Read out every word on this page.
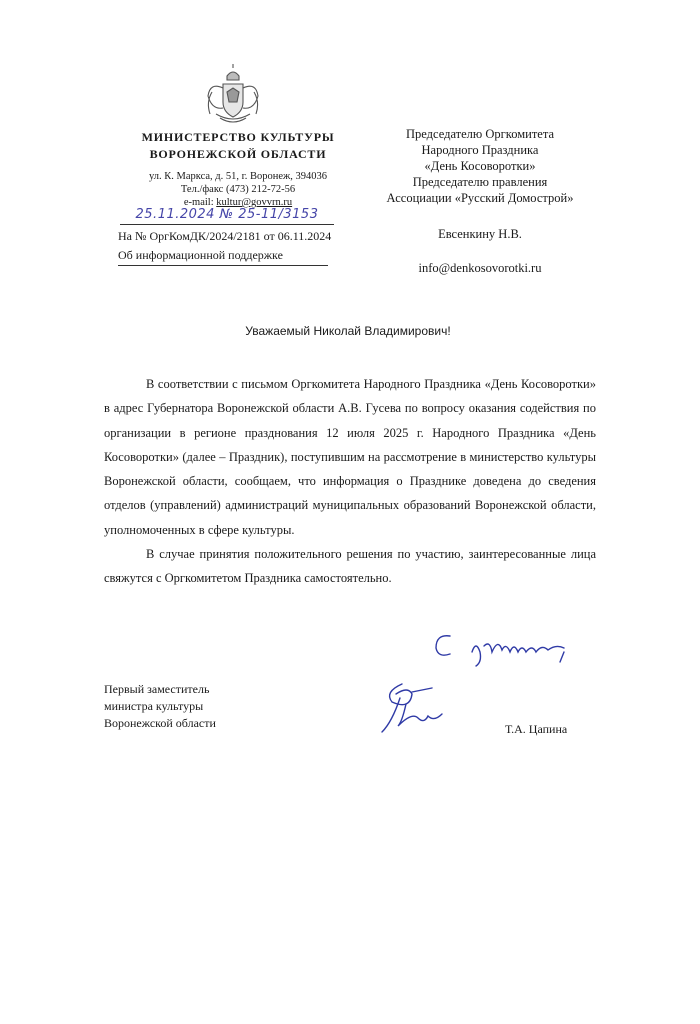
МИНИСТЕРСТВО КУЛЬТУРЫ
ВОРОНЕЖСКОЙ ОБЛАСТИ
ул. К. Маркса, д. 51, г. Воронеж, 394036
Тел./факс (473) 212-72-56
e-mail: kultur@govvrn.ru
25.11.2024 № 25-11/3153
На № ОргКомДК/2024/2181 от 06.11.2024
Об информационной поддержке
Председателю Оргкомитета
Народного Праздника
«День Косоворотки»
Председателю правления
Ассоциации «Русский Домострой»
Евсенкину Н.В.
info@denkosovorotki.ru
Уважаемый Николай Владимирович!

В соответствии с письмом Оргкомитета Народного Праздника «День Косоворотки» в адрес Губернатора Воронежской области А.В. Гусева по вопросу оказания содействия по организации в регионе празднования 12 июля 2025 г. Народного Праздника «День Косоворотки» (далее – Праздник), поступившим на рассмотрение в министерство культуры Воронежской области, сообщаем, что информация о Празднике доведена до сведения отделов (управлений) администраций муниципальных образований Воронежской области, уполномоченных в сфере культуры.

В случае принятия положительного решения по участию, заинтересованные лица свяжутся с Оргкомитетом Праздника самостоятельно.

Первый заместитель
министра культуры
Воронежской области	Т.А. Цапина
